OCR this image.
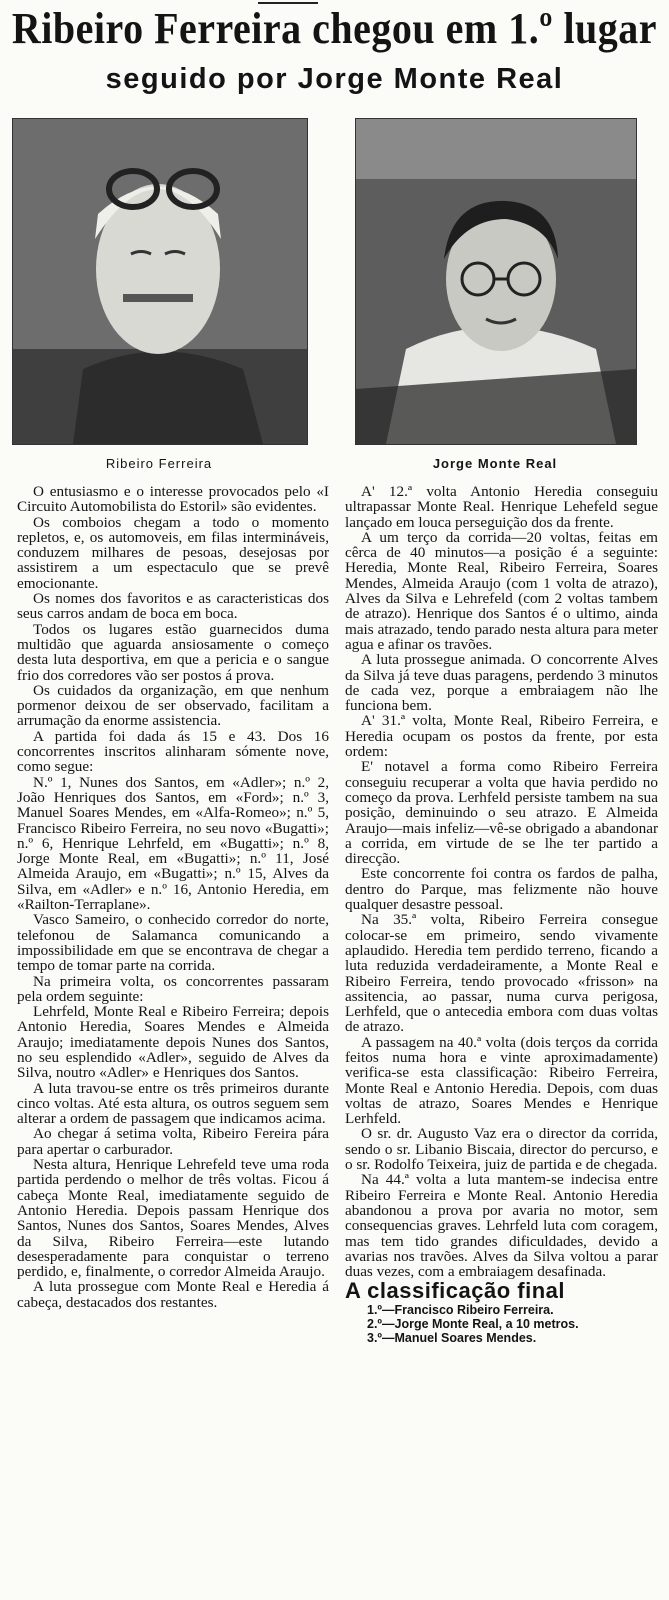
Ribeiro Ferreira chegou em 1.º lugar
seguido por Jorge Monte Real

Ribeiro Ferreira	Jorge Monte Real

O entusiasmo e o interesse provocados pelo «I Circuito Automobilista do Estoril» são evidentes.

Os comboios chegam a todo o momento repletos, e, os automoveis, em filas intermináveis, conduzem milhares de pesoas, desejosas por assistirem a um espectaculo que se prevê emocionante.

Os nomes dos favoritos e as caracteristicas dos seus carros andam de boca em boca.

Todos os lugares estão guarnecidos duma multidão que aguarda ansiosamente o começo desta luta desportiva, em que a pericia e o sangue frio dos corredores vão ser postos á prova.

Os cuidados da organização, em que nenhum pormenor deixou de ser observado, facilitam a arrumação da enorme assistencia.

A partida foi dada ás 15 e 43. Dos 16 concorrentes inscritos alinharam sómente nove, como segue:

N.º 1, Nunes dos Santos, em «Adler»; n.º 2, João Henriques dos Santos, em «Ford»; n.º 3, Manuel Soares Mendes, em «Alfa-Romeo»; n.º 5, Francisco Ribeiro Ferreira, no seu novo «Bugatti»; n.º 6, Henrique Lehrfeld, em «Bugatti»; n.º 8, Jorge Monte Real, em «Bugatti»; n.º 11, José Almeida Araujo, em «Bugatti»; n.º 15, Alves da Silva, em «Adler» e n.º 16, Antonio Heredia, em «Railton-Terraplane».

Vasco Sameiro, o conhecido corredor do norte, telefonou de Salamanca comunicando a impossibilidade em que se encontrava de chegar a tempo de tomar parte na corrida.

Na primeira volta, os concorrentes passaram pela ordem seguinte:

Lehrfeld, Monte Real e Ribeiro Ferreira; depois Antonio Heredia, Soares Mendes e Almeida Araujo; imediatamente depois Nunes dos Santos, no seu esplendido «Adler», seguido de Alves da Silva, noutro «Adler» e Henriques dos Santos.

A luta travou-se entre os três primeiros durante cinco voltas. Até esta altura, os outros seguem sem alterar a ordem de passagem que indicamos acima.

Ao chegar á setima volta, Ribeiro Fereira pára para apertar o carburador.

Nesta altura, Henrique Lehrefeld teve uma roda partida perdendo o melhor de três voltas. Ficou á cabeça Monte Real, imediatamente seguido de Antonio Heredia. Depois passam Henrique dos Santos, Nunes dos Santos, Soares Mendes, Alves da Silva, Ribeiro Ferreira—este lutando desesperadamente para conquistar o terreno perdido, e, finalmente, o corredor Almeida Araujo.

A luta prossegue com Monte Real e Heredia á cabeça, destacados dos restantes.

A' 12.ª volta Antonio Heredia conseguiu ultrapassar Monte Real. Henrique Lehefeld segue lançado em louca perseguição dos da frente.

A um terço da corrida—20 voltas, feitas em cêrca de 40 minutos—a posição é a seguinte: Heredia, Monte Real, Ribeiro Ferreira, Soares Mendes, Almeida Araujo (com 1 volta de atrazo), Alves da Silva e Lehrefeld (com 2 voltas tambem de atrazo). Henrique dos Santos é o ultimo, ainda mais atrazado, tendo parado nesta altura para meter agua e afinar os travões.

A luta prossegue animada. O concorrente Alves da Silva já teve duas paragens, perdendo 3 minutos de cada vez, porque a embraiagem não lhe funciona bem.

A' 31.ª volta, Monte Real, Ribeiro Ferreira, e Heredia ocupam os postos da frente, por esta ordem:

E' notavel a forma como Ribeiro Ferreira conseguiu recuperar a volta que havia perdido no começo da prova. Lerhfeld persiste tambem na sua posição, deminuindo o seu atrazo. E Almeida Araujo—mais infeliz—vê-se obrigado a abandonar a corrida, em virtude de se lhe ter partido a direcção.

Este concorrente foi contra os fardos de palha, dentro do Parque, mas felizmente não houve qualquer desastre pessoal.

Na 35.ª volta, Ribeiro Ferreira consegue colocar-se em primeiro, sendo vivamente aplaudido. Heredia tem perdido terreno, ficando a luta reduzida verdadeiramente, a Monte Real e Ribeiro Ferreira, tendo provocado «frisson» na assitencia, ao passar, numa curva perigosa, Lerhfeld, que o antecedia embora com duas voltas de atrazo.

A passagem na 40.ª volta (dois terços da corrida feitos numa hora e vinte aproximadamente) verifica-se esta classificação: Ribeiro Ferreira, Monte Real e Antonio Heredia. Depois, com duas voltas de atrazo, Soares Mendes e Henrique Lerhfeld.

O sr. dr. Augusto Vaz era o director da corrida, sendo o sr. Libanio Biscaia, director do percurso, e o sr. Rodolfo Teixeira, juiz de partida e de chegada.

Na 44.ª volta a luta mantem-se indecisa entre Ribeiro Ferreira e Monte Real. Antonio Heredia abandonou a prova por avaria no motor, sem consequencias graves. Lehrfeld luta com coragem, mas tem tido grandes dificuldades, devido a avarias nos travões. Alves da Silva voltou a parar duas vezes, com a embraiagem desafinada.

A classificação final

1.º—Francisco Ribeiro Ferreira.
2.º—Jorge Monte Real, a 10 metros.
3.º—Manuel Soares Mendes.
